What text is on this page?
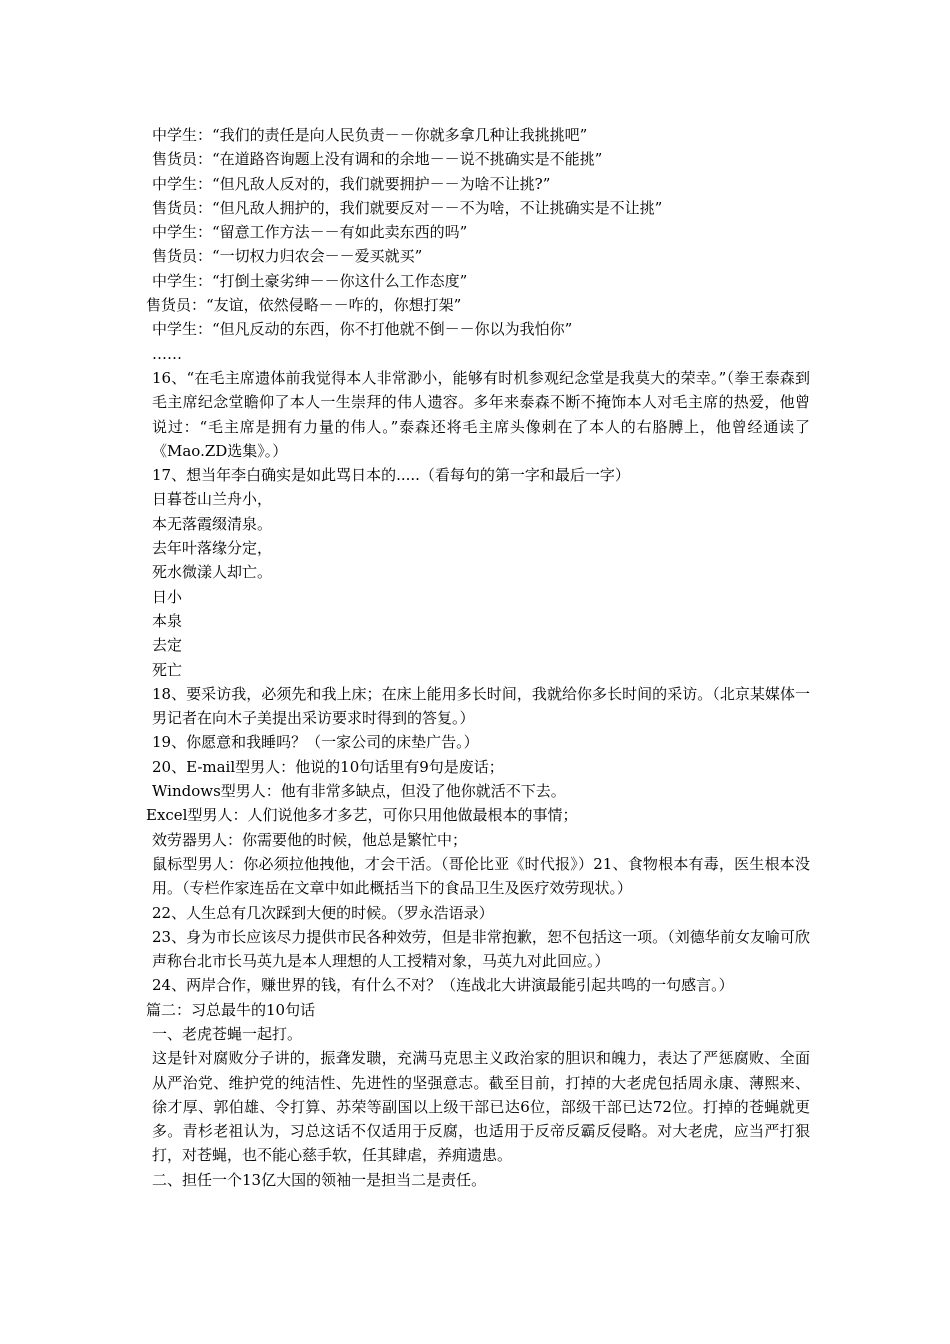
中学生：“我们的责任是向人民负责－－你就多拿几种让我挑挑吧”

售货员：“在道路咨询题上没有调和的余地－－说不挑确实是不能挑”

中学生：“但凡敌人反对的，我们就要拥护－－为啥不让挑?”

售货员：“但凡敌人拥护的，我们就要反对－－不为啥，不让挑确实是不让挑”

中学生：“留意工作方法－－有如此卖东西的吗”

售货员：“一切权力归农会－－爱买就买”

中学生：“打倒土豪劣绅－－你这什么工作态度”

售货员：“友谊，依然侵略－－咋的，你想打架”

中学生：“但凡反动的东西，你不打他就不倒－－你以为我怕你”

……

16、“在毛主席遗体前我觉得本人非常渺小，能够有时机参观纪念堂是我莫大的荣幸。”（拳王泰森到毛主席纪念堂瞻仰了本人一生崇拜的伟人遗容。多年来泰森不断不掩饰本人对毛主席的热爱，他曾说过：“毛主席是拥有力量的伟人。”泰森还将毛主席头像刺在了本人的右胳膊上，他曾经通读了《Mao.ZD选集》。）

17、想当年李白确实是如此骂日本的.....（看每句的第一字和最后一字）

日暮苍山兰舟小，

本无落霞缀清泉。

去年叶落缘分定，

死水微漾人却亡。

日小

本泉

去定

死亡

18、要采访我，必须先和我上床；在床上能用多长时间，我就给你多长时间的采访。（北京某媒体一男记者在向木子美提出采访要求时得到的答复。）

19、你愿意和我睡吗？（一家公司的床垫广告。）

20、E-mail型男人：他说的10句话里有9句是废话；

Windows型男人：他有非常多缺点，但没了他你就活不下去。

Excel型男人：人们说他多才多艺，可你只用他做最根本的事情；

效劳器男人：你需要他的时候，他总是繁忙中；

鼠标型男人：你必须拉他拽他，才会干活。（哥伦比亚《时代报》）21、食物根本有毒，医生根本没用。（专栏作家连岳在文章中如此概括当下的食品卫生及医疗效劳现状。）

22、人生总有几次踩到大便的时候。（罗永浩语录）

23、身为市长应该尽力提供市民各种效劳，但是非常抱歉，恕不包括这一项。（刘德华前女友喻可欣声称台北市长马英九是本人理想的人工授精对象，马英九对此回应。）

24、两岸合作，赚世界的钱，有什么不对？（连战北大讲演最能引起共鸣的一句感言。）

篇二：习总最牛的10句话

一、老虎苍蝇一起打。

这是针对腐败分子讲的，振聋发聩，充满马克思主义政治家的胆识和魄力，表达了严惩腐败、全面从严治党、维护党的纯洁性、先进性的坚强意志。截至目前，打掉的大老虎包括周永康、薄熙来、徐才厚、郭伯雄、令打算、苏荣等副国以上级干部已达6位，部级干部已达72位。打掉的苍蝇就更多。青杉老祖认为，习总这话不仅适用于反腐，也适用于反帝反霸反侵略。对大老虎，应当严打狠打，对苍蝇，也不能心慈手软，任其肆虐，养痈遗患。

二、担任一个13亿大国的领袖一是担当二是责任。
